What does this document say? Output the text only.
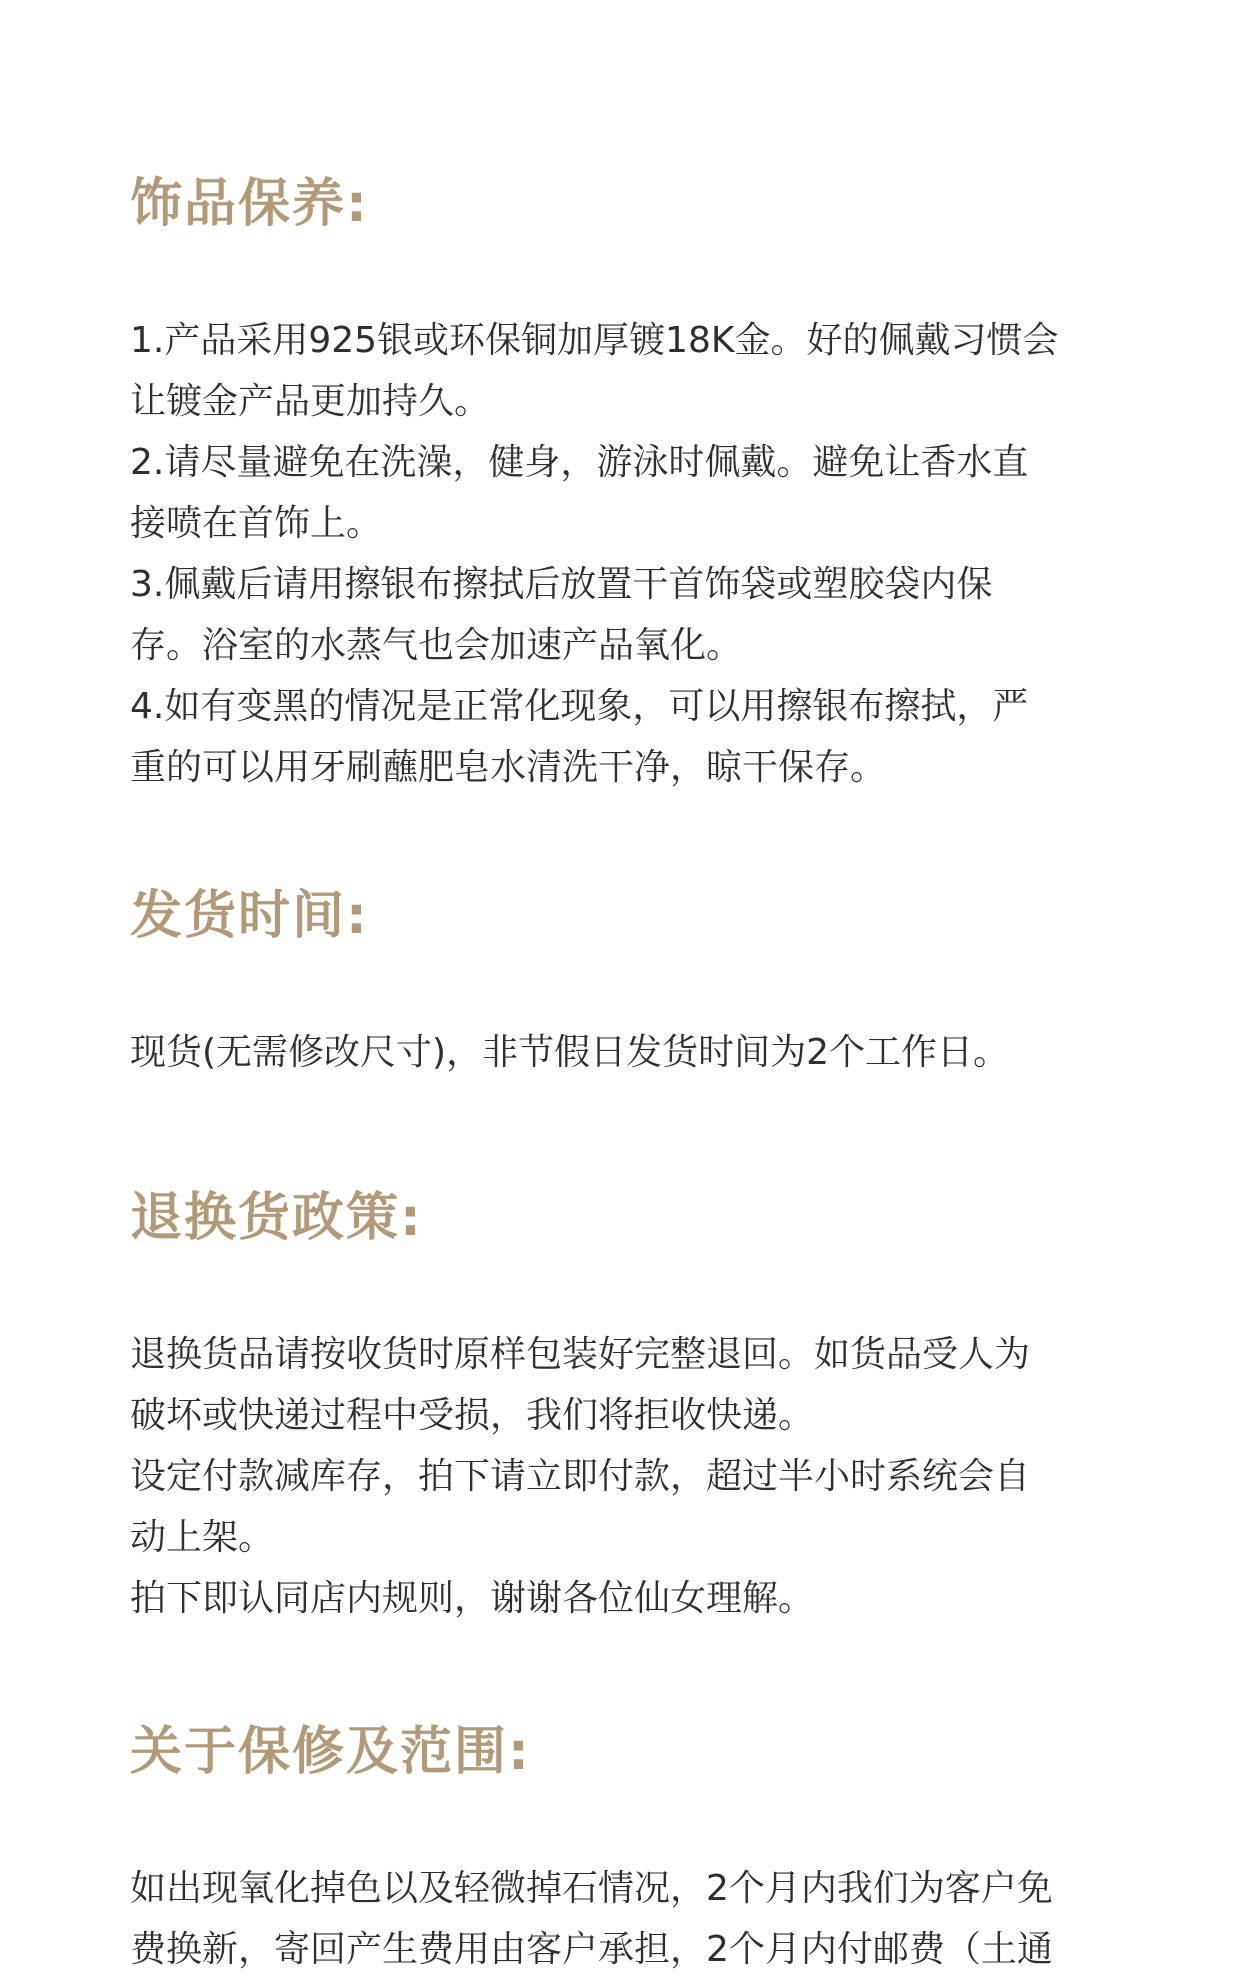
饰品保养:
1.产品采用925银或环保铜加厚镀18K金。好的佩戴习惯会
让镀金产品更加持久。
2.请尽量避免在洗澡，健身，游泳时佩戴。避免让香水直
接喷在首饰上。
3.佩戴后请用擦银布擦拭后放置干首饰袋或塑胶袋内保
存。浴室的水蒸气也会加速产品氧化。
4.如有变黑的情况是正常化现象，可以用擦银布擦拭，严
重的可以用牙刷蘸肥皂水清洗干净，晾干保存。
发货时间:
现货(无需修改尺寸)，非节假日发货时间为2个工作日。
退换货政策:
退换货品请按收货时原样包装好完整退回。如货品受人为
破坏或快递过程中受损，我们将拒收快递。
设定付款减库存，拍下请立即付款，超过半小时系统会自
动上架。
拍下即认同店内规则，谢谢各位仙女理解。
关于保修及范围:
如出现氧化掉色以及轻微掉石情况，2个月内我们为客户免
费换新，寄回产生费用由客户承担，2个月内付邮费（土通
